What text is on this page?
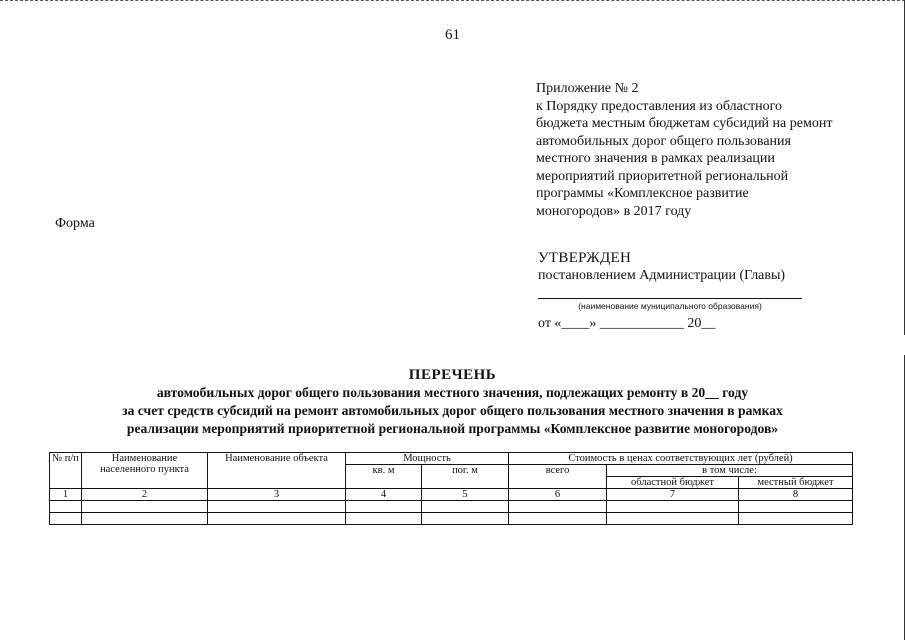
61
Приложение № 2
к Порядку предоставления из областного
бюджета местным бюджетам субсидий на ремонт
автомобильных дорог общего пользования
местного значения в рамках реализации
мероприятий приоритетной региональной
программы «Комплексное развитие
моногородов» в 2017 году
Форма
УТВЕРЖДЕН
постановлением Администрации (Главы)
(наименование муниципального образования)
от «____» ____________ 20__
ПЕРЕЧЕНЬ
автомобильных дорог общего пользования местного значения, подлежащих ремонту в 20__ году
за счет средств субсидий на ремонт автомобильных дорог общего пользования местного значения в рамках
реализации мероприятий приоритетной региональной программы «Комплексное развитие моногородов»
№ п/п	Наименование населенного пункта	Наименование объекта	Мощность		Стоимость в ценах соответствующих лет (рублей)		
			кв. м	пог. м	всего	в том числе:	
						областной бюджет	местный бюджет
1	2	3	4	5	6	7	8
